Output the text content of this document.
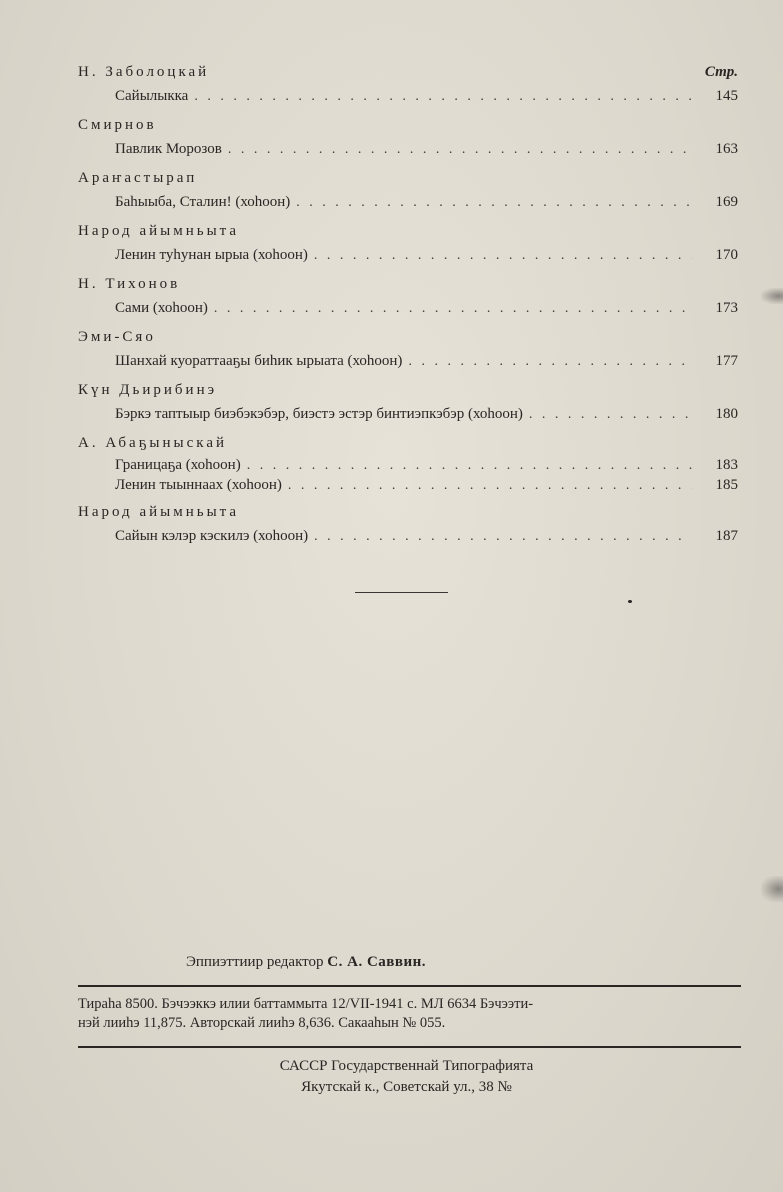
Н. Заболоцкай	Стр.
Сайылыкка . . .	145
Смирнов
Павлик Морозов . . .	163
Араҥастырап
Баһыыба, Сталин! (хоһоон) . . .	169
Народ айымньыта
Ленин туһунан ырыа (хоһоон) . . .	170
Н. Тихонов
Сами (хоһоон) . . .	173
Эми-Сяо
Шанхай куораттааҕы биһик ырыата (хоһоон) . . .	177
Күн Дьирибинэ
Бэркэ таптыыр биэбэкэбэр, биэстэ эстэр бинтиэпкэбэр (хоһоон) . . .	180
А. Абаҕыныскай
Границаҕа (хоһоон) . . .	183
Ленин тыыннаах (хоһоон) . . .	185
Народ айымньыта
Сайын кэлэр кэскилэ (хоһоон) . . .	187
Эппиэттиир редактор С. А. Саввин.
Тираһа 8500. Бэчээккэ илии баттаммыта 12/VII-1941 с. МЛ 6634 Бэчээти-
нэй лииһэ 11,875. Авторскай лииһэ 8,636. Сакааһын № 055.
САССР Государственнай Типографията
Якутскай к., Советскай ул., 38 №
